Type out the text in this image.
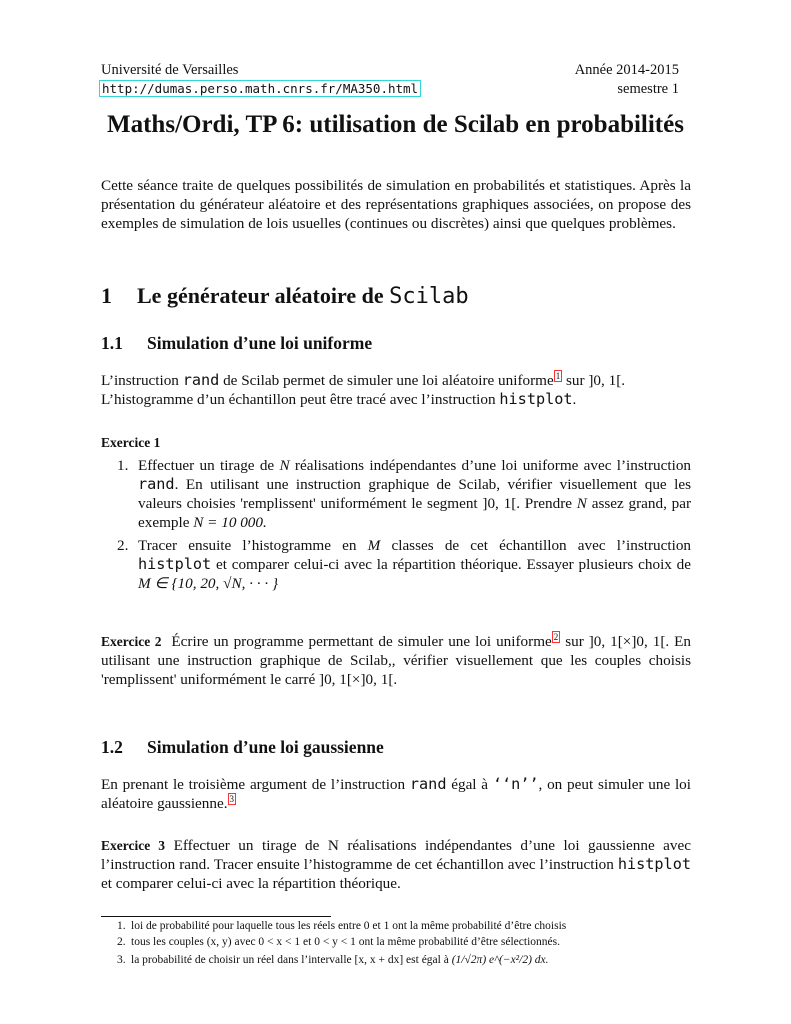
Université de Versailles
http://dumas.perso.math.cnrs.fr/MA350.html
Année 2014-2015
semestre 1
Maths/Ordi, TP 6: utilisation de Scilab en probabilités
Cette séance traite de quelques possibilités de simulation en probabilités et statistiques. Après la présentation du générateur aléatoire et des représentations graphiques associées, on propose des exemples de simulation de lois usuelles (continues ou discrètes) ainsi que quelques problèmes.
1 Le générateur aléatoire de Scilab
1.1 Simulation d’une loi uniforme
L’instruction rand de Scilab permet de simuler une loi aléatoire uniforme $^1$ sur ]0, 1[.
L’histogramme d’un échantillon peut être tracé avec l’instruction histplot.
Exercice 1
1. Effectuer un tirage de N réalisations indépendantes d’une loi uniforme avec l’instruction rand. En utilisant une instruction graphique de Scilab, vérifier visuellement que les valeurs choisies 'remplissent' uniformément le segment ]0, 1[. Prendre N assez grand, par exemple N = 10 000.
2. Tracer ensuite l’histogramme en M classes de cet échantillon avec l’instruction histplot et comparer celui-ci avec la répartition théorique. Essayer plusieurs choix de M ∈ {10, 20, √N, · · · }
Exercice 2 Écrire un programme permettant de simuler une loi uniforme $^2$ sur ]0, 1[×]0, 1[. En utilisant une instruction graphique de Scilab,, vérifier visuellement que les couples choisis 'remplissent' uniformément le carré ]0, 1[×]0, 1[.
1.2 Simulation d’une loi gaussienne
En prenant le troisième argument de l’instruction rand égal à ‘‘n’’, on peut simuler une loi aléatoire gaussienne. $^3$
Exercice 3 Effectuer un tirage de N réalisations indépendantes d’une loi gaussienne avec l’instruction rand. Tracer ensuite l’histogramme de cet échantillon avec l’instruction histplot et comparer celui-ci avec la répartition théorique.
1. loi de probabilité pour laquelle tous les réels entre 0 et 1 ont la même probabilité d’être choisis
2. tous les couples (x, y) avec 0 < x < 1 et 0 < y < 1 ont la même probabilité d’être sélectionnés.
3. la probabilité de choisir un réel dans l’intervalle [x, x + dx] est égal à (1/√2π) e^(−x²/2) dx.
